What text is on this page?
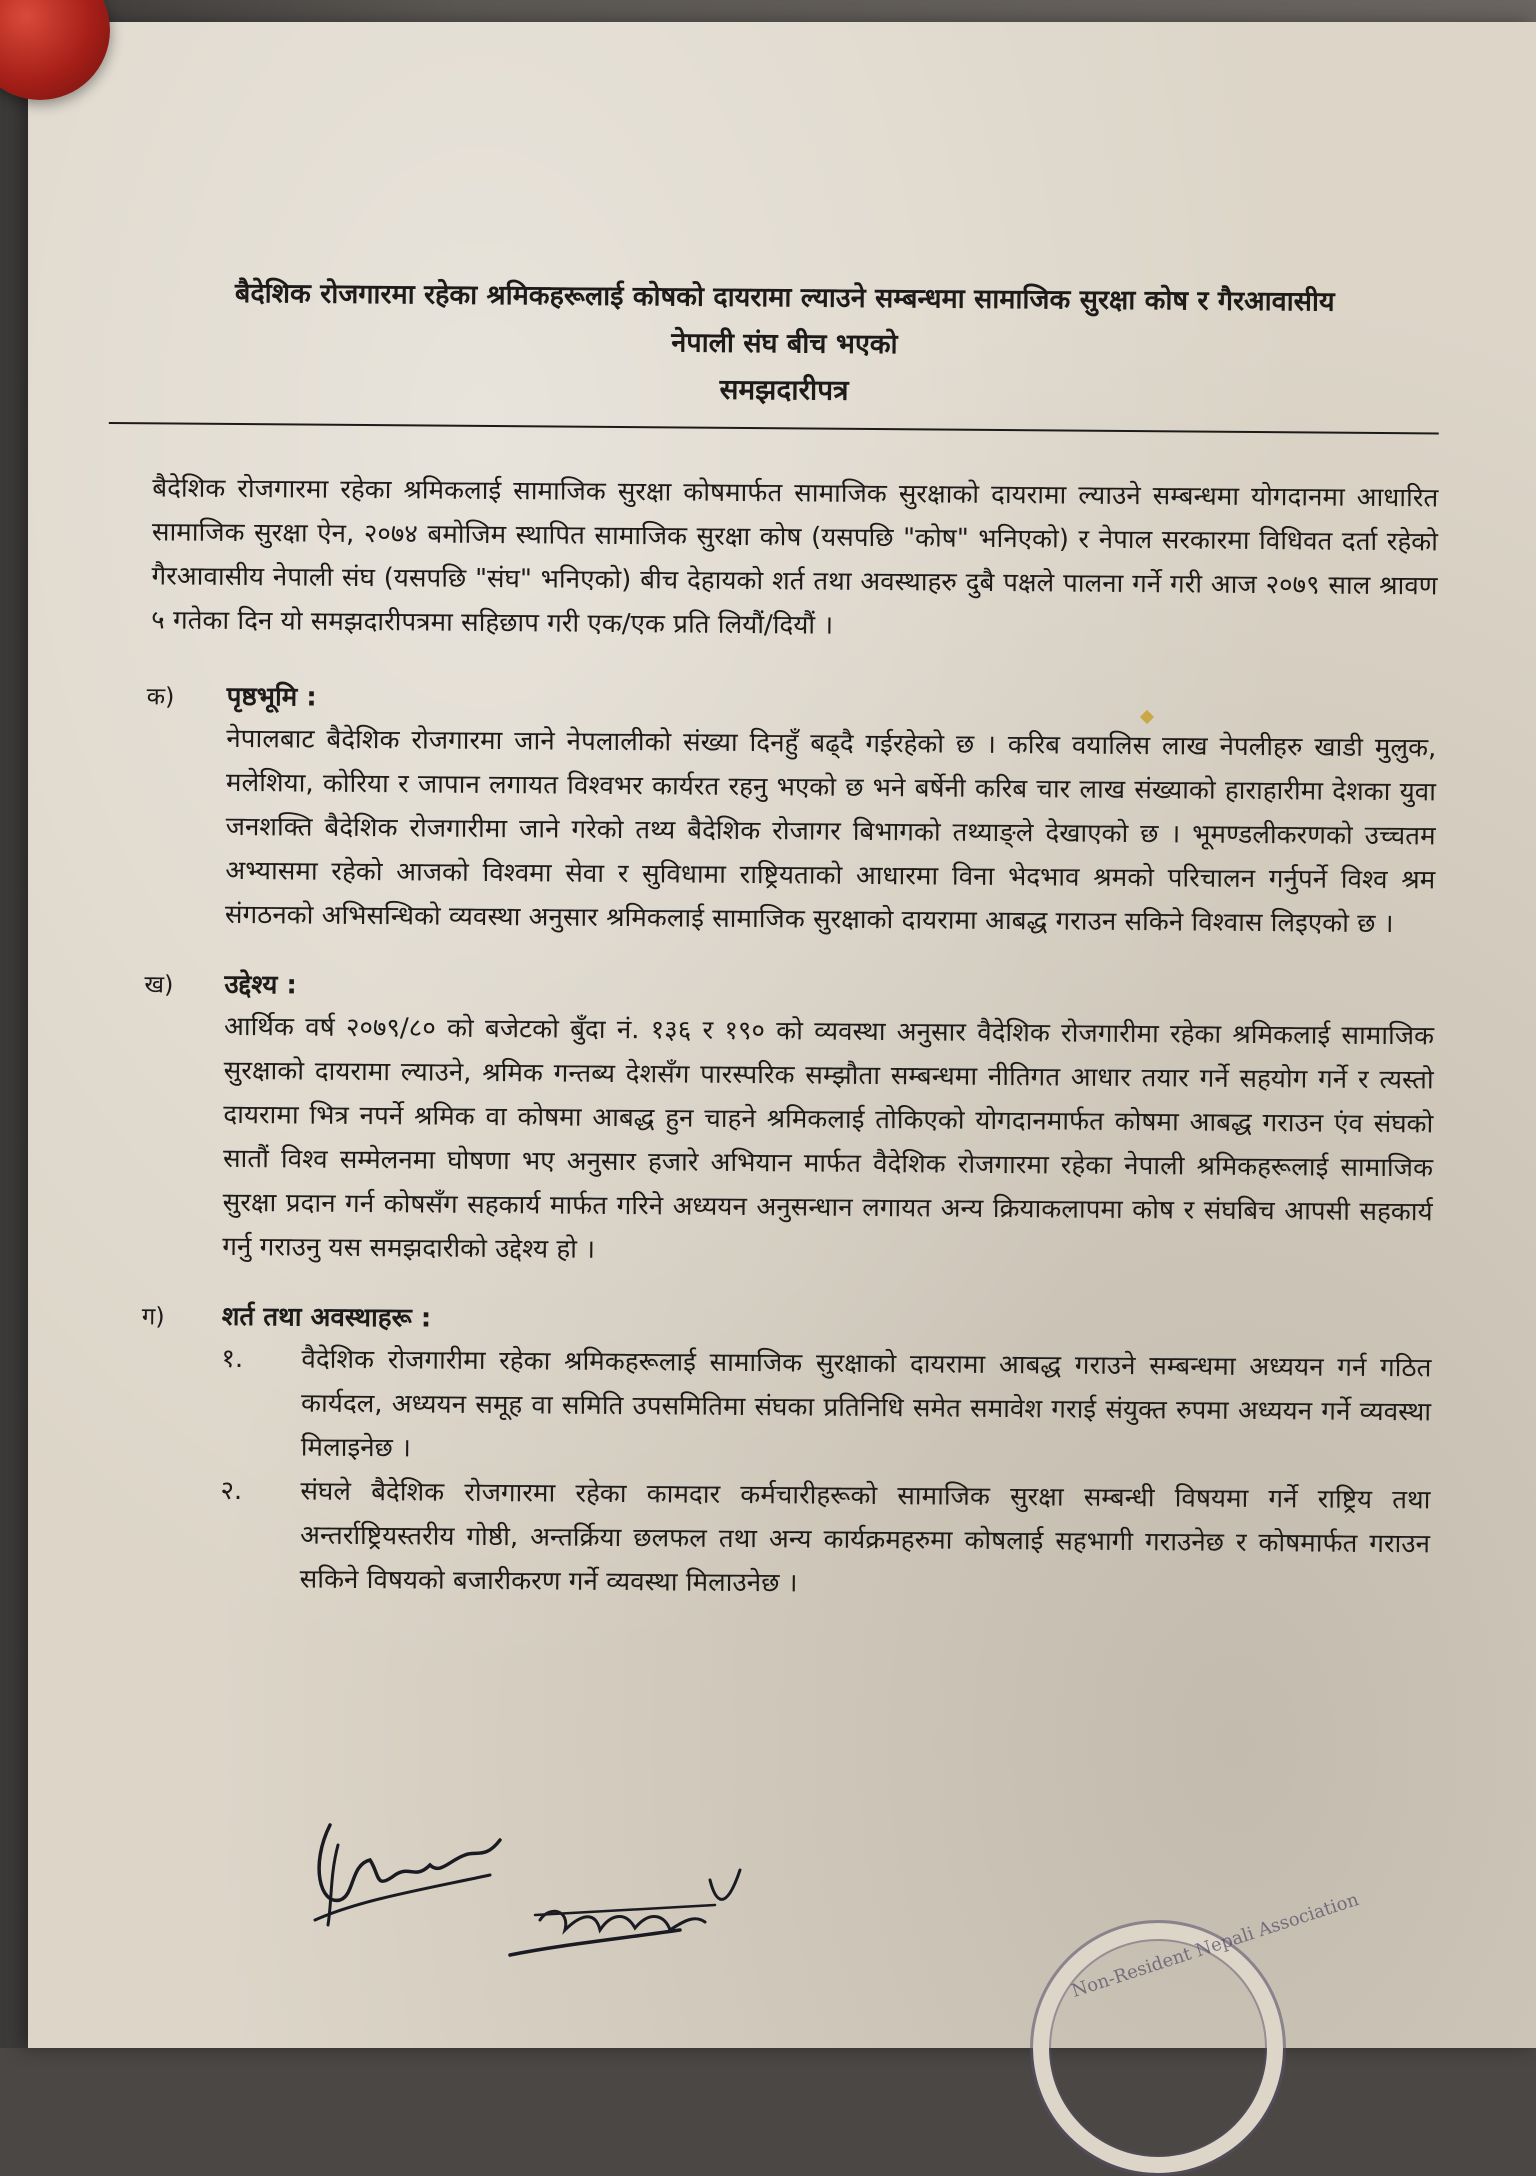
बैदेशिक रोजगारमा रहेका श्रमिकहरूलाई कोषको दायरामा ल्याउने सम्बन्धमा सामाजिक सुरक्षा कोष र गैरआवासीय
नेपाली संघ बीच भएको
समझदारीपत्र

बैदेशिक रोजगारमा रहेका श्रमिकलाई सामाजिक सुरक्षा कोषमार्फत सामाजिक सुरक्षाको दायरामा ल्याउने सम्बन्धमा योगदानमा आधारित सामाजिक सुरक्षा ऐन, २०७४ बमोजिम स्थापित सामाजिक सुरक्षा कोष (यसपछि "कोष" भनिएको) र नेपाल सरकारमा विधिवत दर्ता रहेको गैरआवासीय नेपाली संघ (यसपछि "संघ" भनिएको) बीच देहायको शर्त तथा अवस्थाहरु दुबै पक्षले पालना गर्ने गरी आज २०७९ साल श्रावण ५ गतेका दिन यो समझदारीपत्रमा सहिछाप गरी एक/एक प्रति लियौं/दियौं ।

क) पृष्ठभूमि :
नेपालबाट बैदेशिक रोजगारमा जाने नेपलालीको संख्या दिनहुँ बढ्दै गईरहेको छ । करिब वयालिस लाख नेपलीहरु खाडी मुलुक, मलेशिया, कोरिया र जापान लगायत विश्वभर कार्यरत रहनु भएको छ भने बर्षेनी करिब चार लाख संख्याको हाराहारीमा देशका युवा जनशक्ति बैदेशिक रोजगारीमा जाने गरेको तथ्य बैदेशिक रोजागर बिभागको तथ्याङ्ले देखाएको छ । भूमण्डलीकरणको उच्चतम अभ्यासमा रहेको आजको विश्वमा सेवा र सुविधामा राष्ट्रियताको आधारमा विना भेदभाव श्रमको परिचालन गर्नुपर्ने विश्व श्रम संगठनको अभिसन्धिको व्यवस्था अनुसार श्रमिकलाई सामाजिक सुरक्षाको दायरामा आबद्ध गराउन सकिने विश्वास लिइएको छ ।
ख) उद्देश्य :
आर्थिक वर्ष २०७९/८० को बजेटको बुँदा नं. १३६ र १९० को व्यवस्था अनुसार वैदेशिक रोजगारीमा रहेका श्रमिकलाई सामाजिक सुरक्षाको दायरामा ल्याउने, श्रमिक गन्तब्य देशसँग पारस्परिक सम्झौता सम्बन्धमा नीतिगत आधार तयार गर्ने सहयोग गर्ने र त्यस्तो दायरामा भित्र नपर्ने श्रमिक वा कोषमा आबद्ध हुन चाहने श्रमिकलाई तोकिएको योगदानमार्फत कोषमा आबद्ध गराउन एंव संघको सातौं विश्व सम्मेलनमा घोषणा भए अनुसार हजारे अभियान मार्फत वैदेशिक रोजगारमा रहेका नेपाली श्रमिकहरूलाई सामाजिक सुरक्षा प्रदान गर्न कोषसँग सहकार्य मार्फत गरिने अध्ययन अनुसन्धान लगायत अन्य क्रियाकलापमा कोष र संघबिच आपसी सहकार्य गर्नु गराउनु यस समझदारीको उद्देश्य हो ।
ग) शर्त तथा अवस्थाहरू :
१. वैदेशिक रोजगारीमा रहेका श्रमिकहरूलाई सामाजिक सुरक्षाको दायरामा आबद्ध गराउने सम्बन्धमा अध्ययन गर्न गठित कार्यदल, अध्ययन समूह वा समिति उपसमितिमा संघका प्रतिनिधि समेत समावेश गराई संयुक्त रुपमा अध्ययन गर्ने व्यवस्था मिलाइनेछ ।
२. संघले बैदेशिक रोजगारमा रहेका कामदार कर्मचारीहरूको सामाजिक सुरक्षा सम्बन्धी विषयमा गर्ने राष्ट्रिय तथा अन्तर्राष्ट्रियस्तरीय गोष्ठी, अन्तर्क्रिया छलफल तथा अन्य कार्यक्रमहरुमा कोषलाई सहभागी गराउनेछ र कोषमार्फत गराउन सकिने विषयको बजारीकरण गर्ने व्यवस्था मिलाउनेछ ।
Non-Resident Nepali Association
